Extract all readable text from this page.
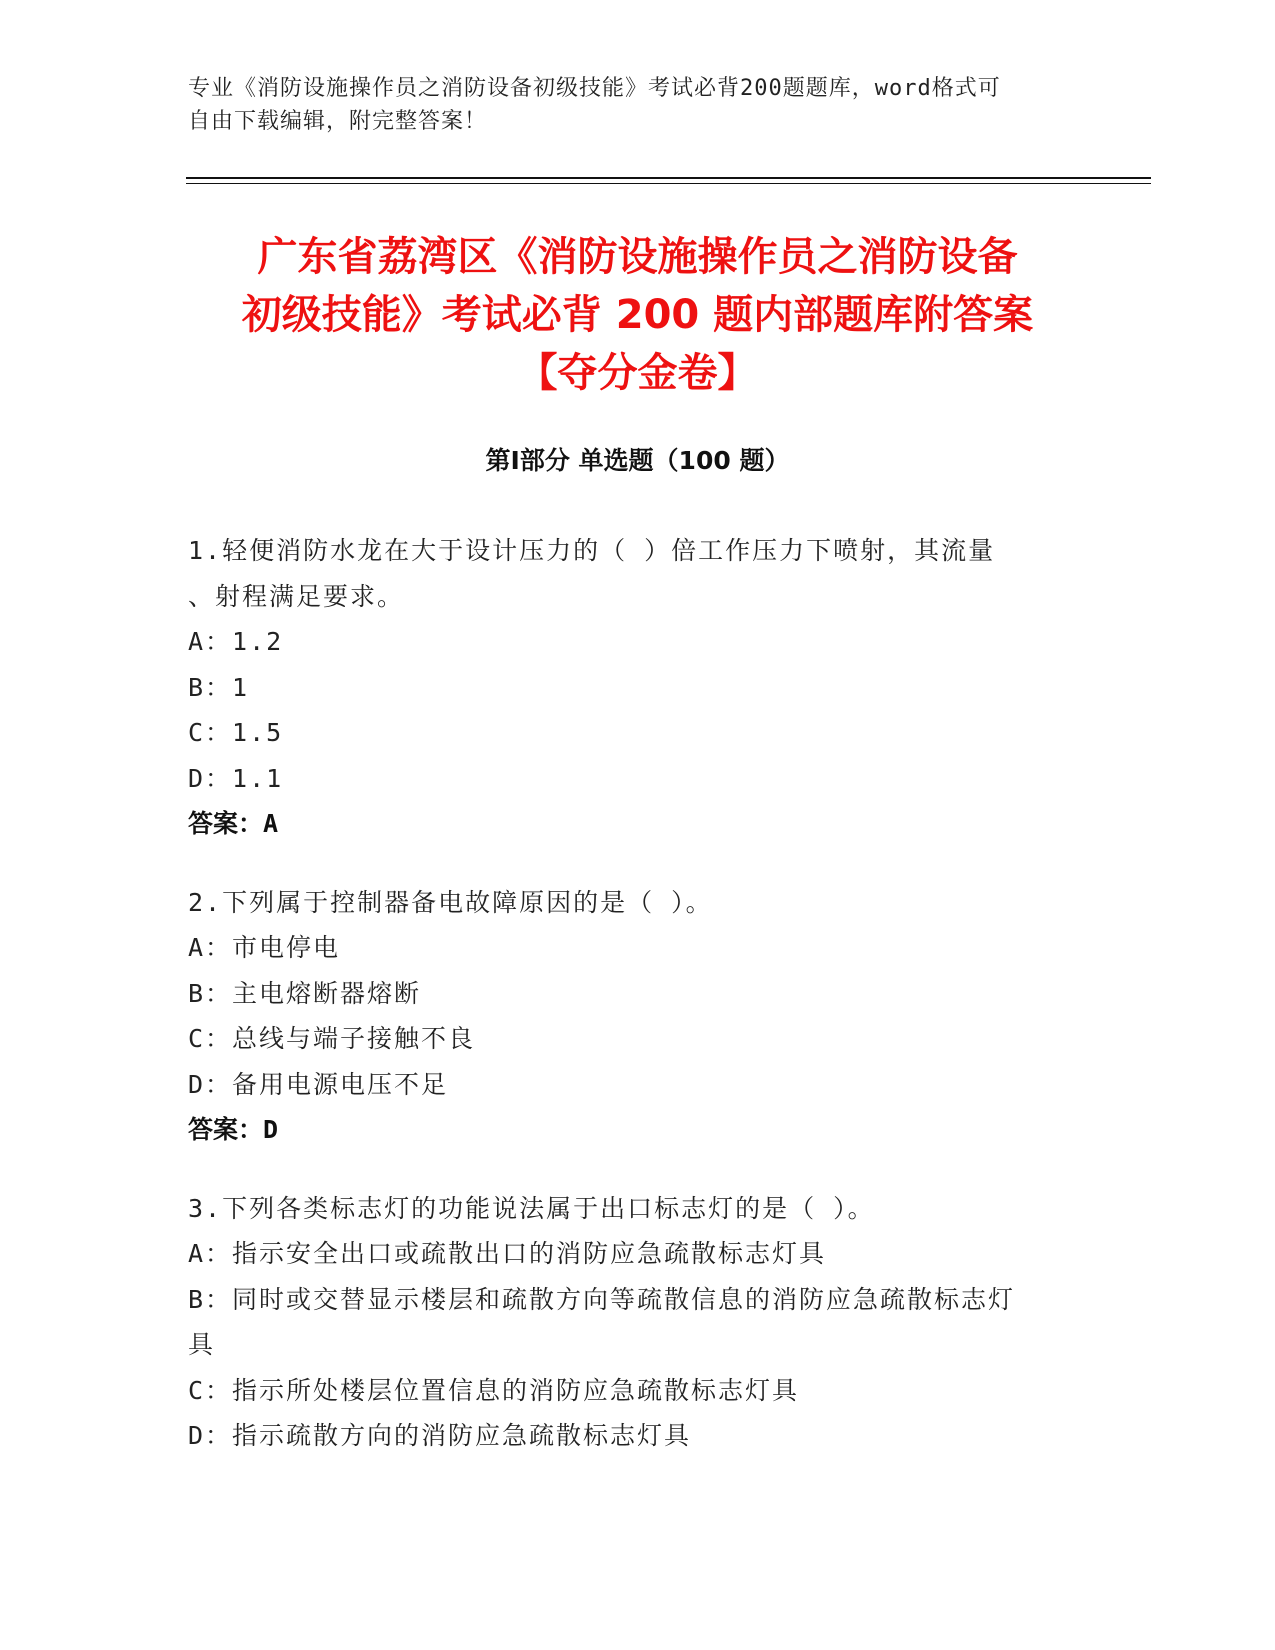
专业《消防设施操作员之消防设备初级技能》考试必背200题题库，word格式可
自由下载编辑，附完整答案！
广东省荔湾区《消防设施操作员之消防设备
初级技能》考试必背 200 题内部题库附答案
【夺分金卷】
第Ⅰ部分 单选题（100 题）
1.轻便消防水龙在大于设计压力的（ ）倍工作压力下喷射，其流量
、射程满足要求。
A：1.2
B：1
C：1.5
D：1.1
答案：A
2.下列属于控制器备电故障原因的是（ ）。
A：市电停电
B：主电熔断器熔断
C：总线与端子接触不良
D：备用电源电压不足
答案：D
3.下列各类标志灯的功能说法属于出口标志灯的是（ ）。
A：指示安全出口或疏散出口的消防应急疏散标志灯具
B：同时或交替显示楼层和疏散方向等疏散信息的消防应急疏散标志灯
具
C：指示所处楼层位置信息的消防应急疏散标志灯具
D：指示疏散方向的消防应急疏散标志灯具
